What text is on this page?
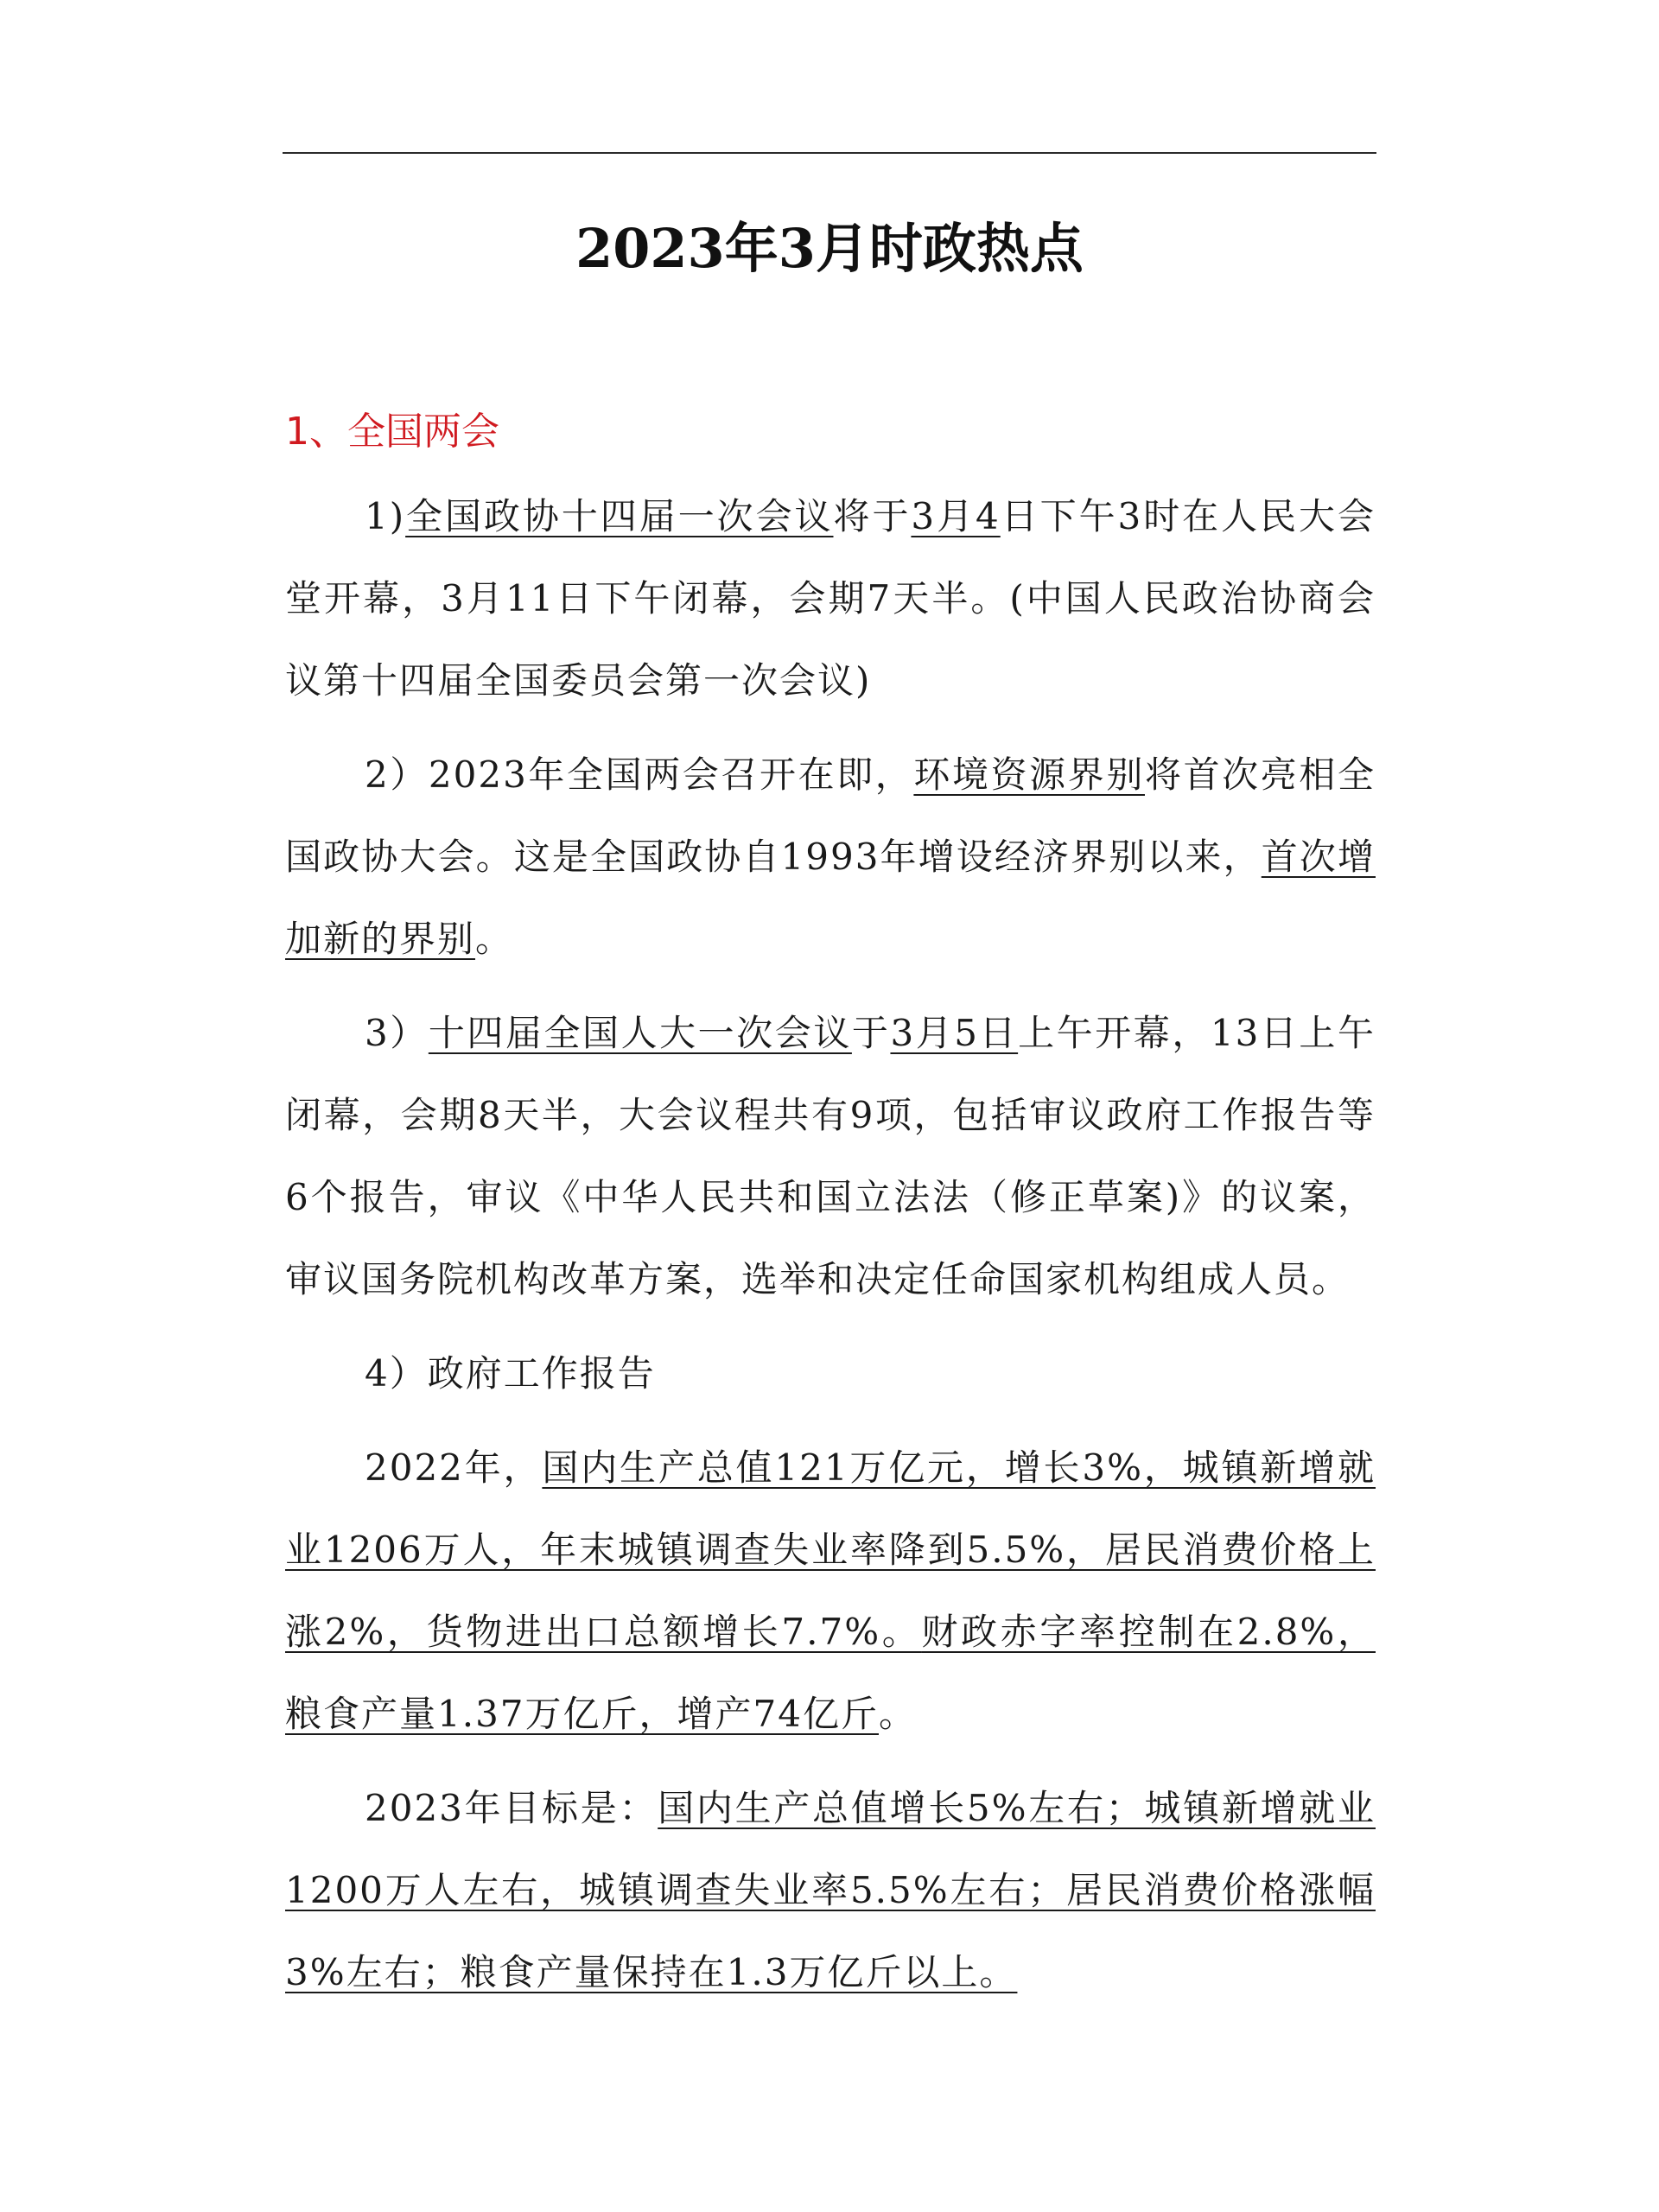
2023年3月时政热点
1、全国两会

1)全国政协十四届一次会议将于3月4日下午3时在人民大会堂开幕，3月11日下午闭幕，会期7天半。(中国人民政治协商会议第十四届全国委员会第一次会议)

2）2023年全国两会召开在即，环境资源界别将首次亮相全国政协大会。这是全国政协自1993年增设经济界别以来，首次增加新的界别。

3）十四届全国人大一次会议于3月5日上午开幕，13日上午闭幕，会期8天半，大会议程共有9项，包括审议政府工作报告等6个报告，审议《中华人民共和国立法法（修正草案)》的议案，审议国务院机构改革方案，选举和决定任命国家机构组成人员。

4）政府工作报告

2022年，国内生产总值121万亿元，增长3%，城镇新增就业1206万人，年末城镇调查失业率降到5.5%，居民消费价格上涨2%，货物进出口总额增长7.7%。财政赤字率控制在2.8%，粮食产量1.37万亿斤，增产74亿斤。

2023年目标是：国内生产总值增长5%左右；城镇新增就业1200万人左右，城镇调查失业率5.5%左右；居民消费价格涨幅3%左右；粮食产量保持在1.3万亿斤以上。
